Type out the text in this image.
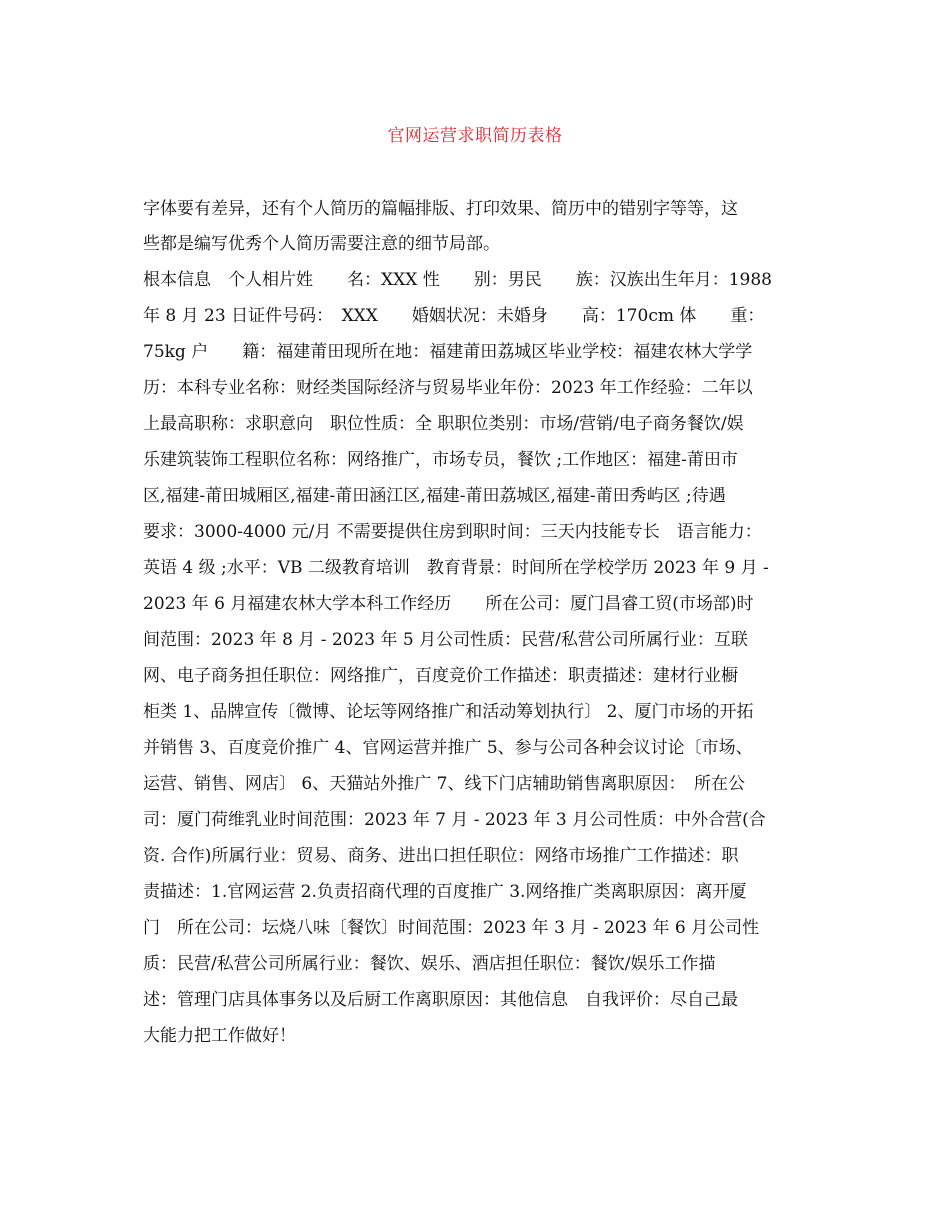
官网运营求职简历表格

字体要有差异，还有个人简历的篇幅排版、打印效果、简历中的错别字等等，这

些都是编写优秀个人简历需要注意的细节局部。

根本信息　个人相片姓　　名：XXX 性　　别：男民　　族：汉族出生年月：1988

年 8 月 23 日证件号码：　XXX　　婚姻状况：未婚身　　高：170cm 体　　重：

75kg 户　　籍：福建莆田现所在地：福建莆田荔城区毕业学校：福建农林大学学

历：本科专业名称：财经类国际经济与贸易毕业年份：2023 年工作经验：二年以

上最高职称：求职意向　职位性质：全 职职位类别：市场/营销/电子商务餐饮/娱

乐建筑装饰工程职位名称：网络推广，市场专员，餐饮 ;工作地区：福建-莆田市

区,福建-莆田城厢区,福建-莆田涵江区,福建-莆田荔城区,福建-莆田秀屿区 ;待遇

要求：3000-4000 元/月 不需要提供住房到职时间：三天内技能专长　语言能力：

英语 4 级 ;水平：VB 二级教育培训　教育背景：时间所在学校学历 2023 年 9 月 -

2023 年 6 月福建农林大学本科工作经历　　所在公司：厦门昌睿工贸(市场部)时

间范围：2023 年 8 月 - 2023 年 5 月公司性质：民营/私营公司所属行业：互联

网、电子商务担任职位：网络推广，百度竞价工作描述：职责描述：建材行业橱

柜类 1、品牌宣传〔微博、论坛等网络推广和活动筹划执行〕 2、厦门市场的开拓

并销售 3、百度竞价推广 4、官网运营并推广 5、参与公司各种会议讨论〔市场、

运营、销售、网店〕 6、天猫站外推广 7、线下门店辅助销售离职原因：　所在公

司：厦门荷维乳业时间范围：2023 年 7 月 - 2023 年 3 月公司性质：中外合营(合

资. 合作)所属行业：贸易、商务、进出口担任职位：网络市场推广工作描述：职

责描述：1.官网运营 2.负责招商代理的百度推广 3.网络推广类离职原因：离开厦

门　所在公司：坛烧八味〔餐饮〕时间范围：2023 年 3 月 - 2023 年 6 月公司性

质：民营/私营公司所属行业：餐饮、娱乐、酒店担任职位：餐饮/娱乐工作描

述：管理门店具体事务以及后厨工作离职原因：其他信息　自我评价：尽自己最

大能力把工作做好！
